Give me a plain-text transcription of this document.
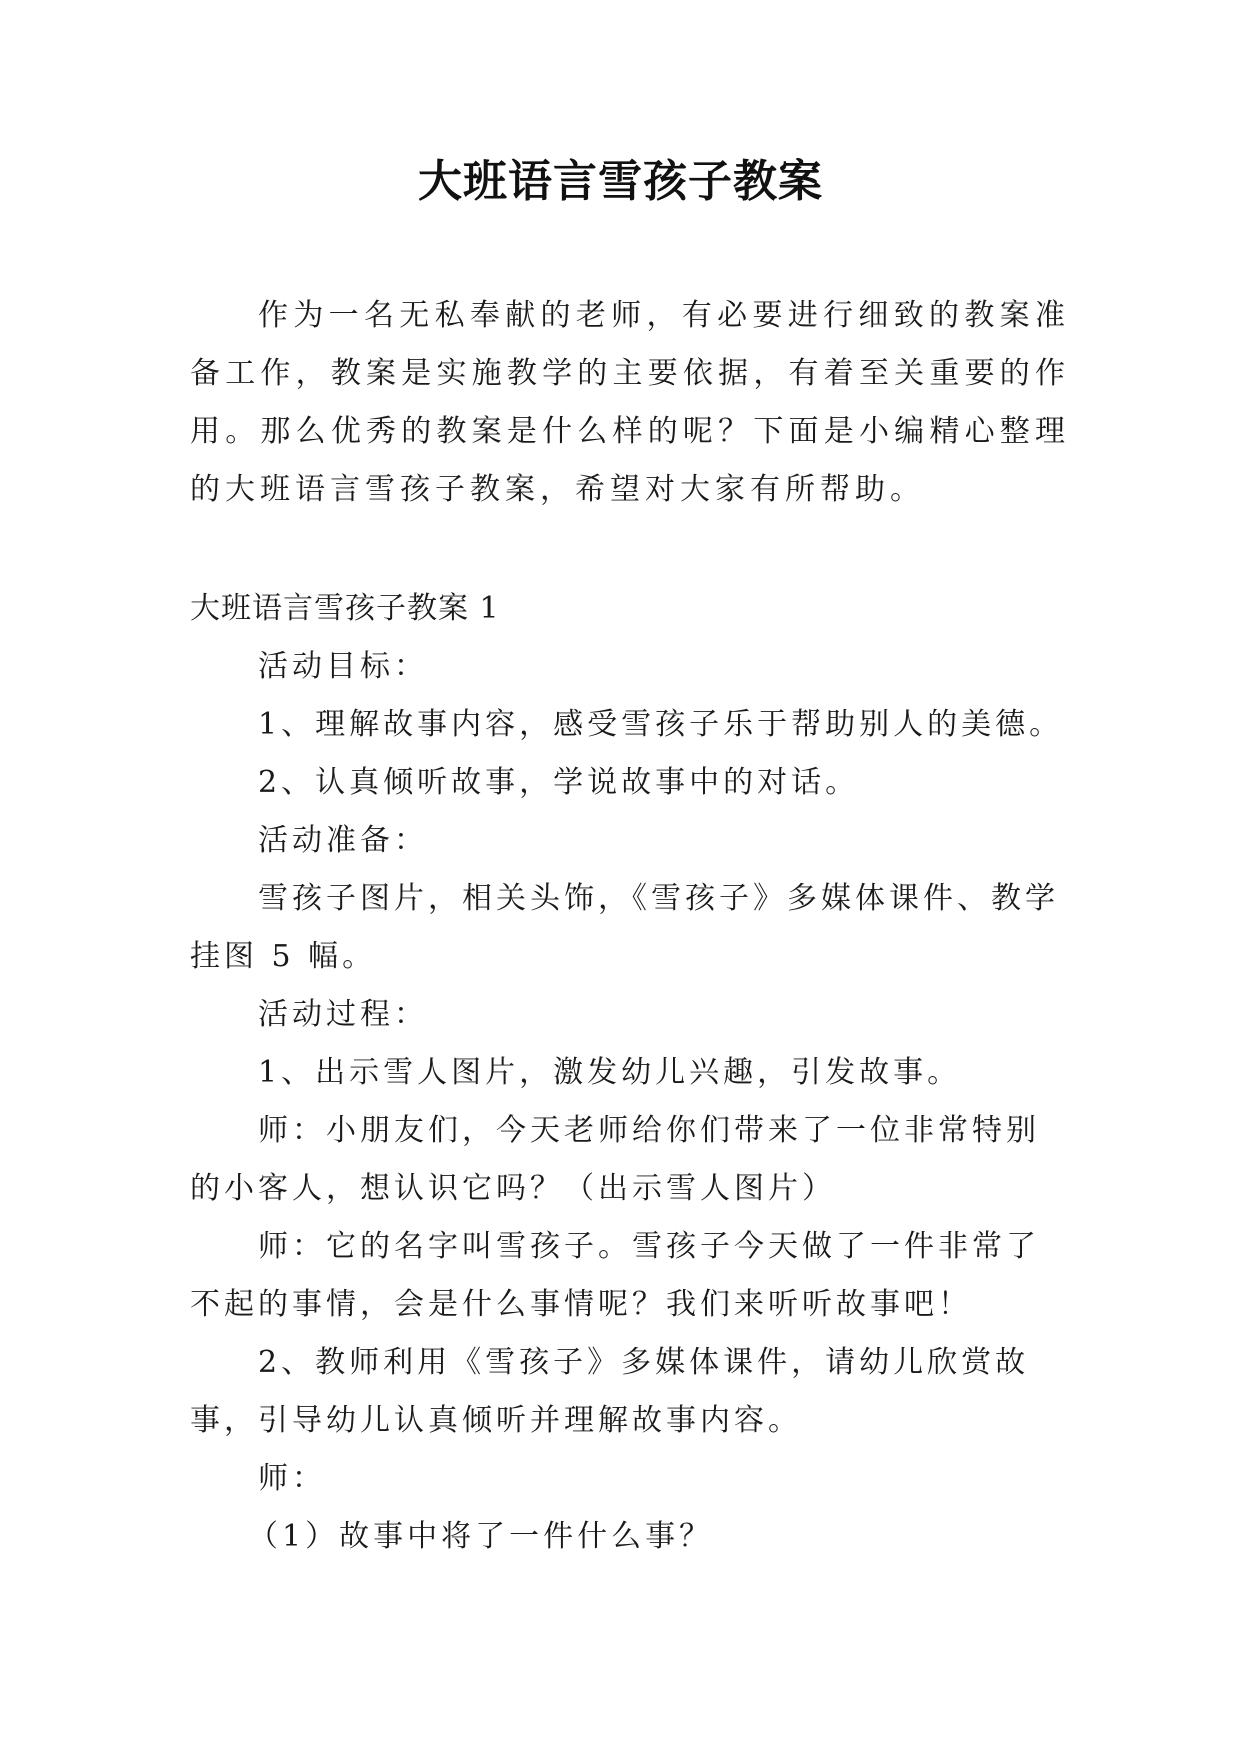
大班语言雪孩子教案

作为一名无私奉献的老师，有必要进行细致的教案准备工作，教案是实施教学的主要依据，有着至关重要的作用。那么优秀的教案是什么样的呢？下面是小编精心整理的大班语言雪孩子教案，希望对大家有所帮助。

大班语言雪孩子教案 1

活动目标：

1、理解故事内容，感受雪孩子乐于帮助别人的美德。

2、认真倾听故事，学说故事中的对话。

活动准备：

雪孩子图片，相关头饰，《雪孩子》多媒体课件、教学挂图 5 幅。

活动过程：

1、出示雪人图片，激发幼儿兴趣，引发故事。

师：小朋友们，今天老师给你们带来了一位非常特别的小客人，想认识它吗？（出示雪人图片）

师：它的名字叫雪孩子。雪孩子今天做了一件非常了不起的事情，会是什么事情呢？我们来听听故事吧！

2、教师利用《雪孩子》多媒体课件，请幼儿欣赏故事，引导幼儿认真倾听并理解故事内容。

师：

（1）故事中将了一件什么事？
